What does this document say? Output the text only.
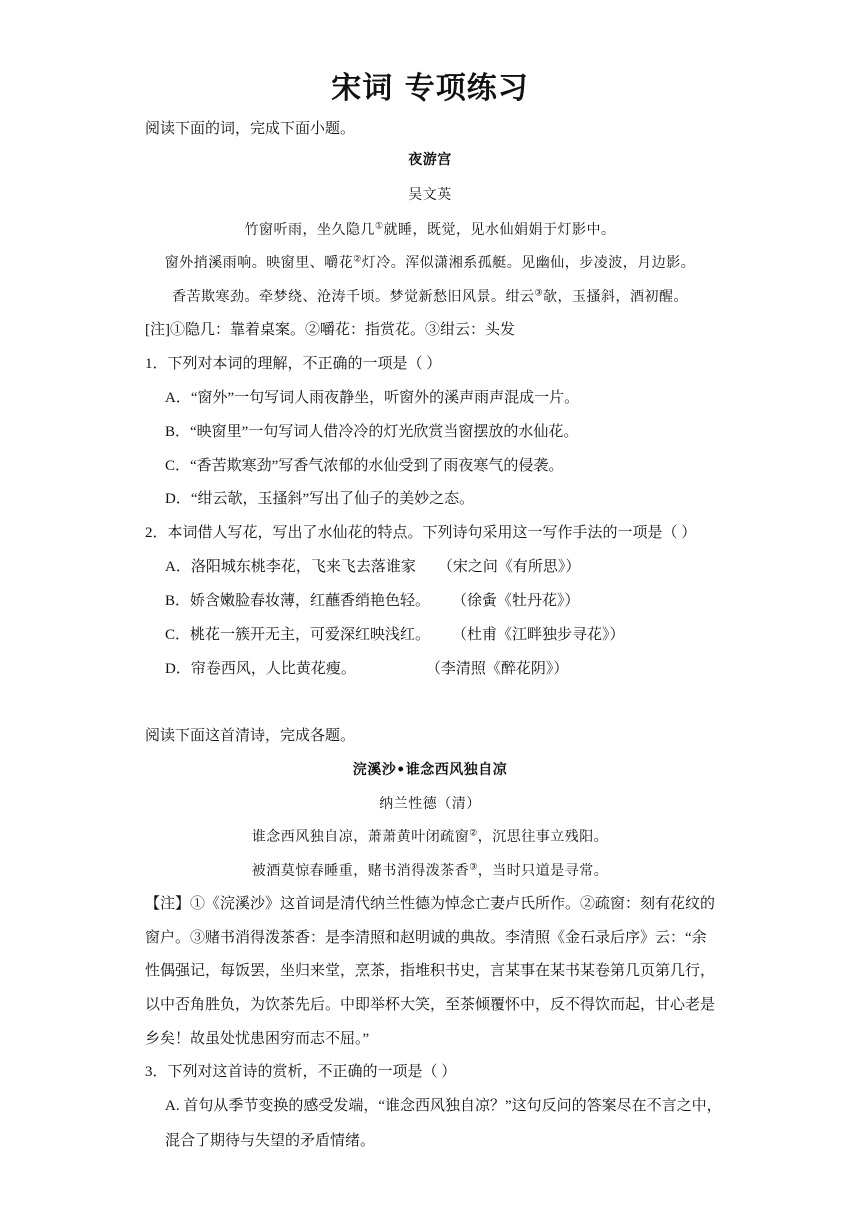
宋词 专项练习
阅读下面的词，完成下面小题。
夜游宫
吴文英
竹窗听雨，坐久隐几①就睡，既觉，见水仙娟娟于灯影中。
窗外捎溪雨响。映窗里、嚼花②灯冷。浑似潇湘系孤艇。见幽仙，步凌波，月边影。
香苦欺寒劲。牵梦绕、沧涛千顷。梦觉新愁旧风景。绀云③欹，玉搔斜，酒初醒。
[注]①隐几：靠着桌案。②嚼花：指赏花。③绀云：头发
1．下列对本词的理解，不正确的一项是（ ）
A．“窗外”一句写词人雨夜静坐，听窗外的溪声雨声混成一片。
B．“映窗里”一句写词人借冷冷的灯光欣赏当窗摆放的水仙花。
C．“香苦欺寒劲”写香气浓郁的水仙受到了雨夜寒气的侵袭。
D．“绀云欹，玉搔斜”写出了仙子的美妙之态。
2．本词借人写花，写出了水仙花的特点。下列诗句采用这一写作手法的一项是（ ）
A．洛阳城东桃李花，飞来飞去落谁家 （宋之问《有所思》）
B．娇含嫩脸春妆薄，红蘸香绡艳色轻。 （徐夤《牡丹花》）
C．桃花一簇开无主，可爱深红映浅红。 （杜甫《江畔独步寻花》）
D．帘卷西风，人比黄花瘦。	（李清照《醉花阴》）
阅读下面这首清诗，完成各题。
浣溪沙•谁念西风独自凉
纳兰性德（清）
谁念西风独自凉，萧萧黄叶闭疏窗②，沉思往事立残阳。
被酒莫惊春睡重，赌书消得泼茶香③，当时只道是寻常。
【注】①《浣溪沙》这首词是清代纳兰性德为悼念亡妻卢氏所作。②疏窗：刻有花纹的
窗户。③赌书消得泼茶香：是李清照和赵明诚的典故。李清照《金石录后序》云：“余
性偶强记，每饭罢，坐归来堂，烹茶，指堆积书史，言某事在某书某卷第几页第几行，
以中否角胜负，为饮茶先后。中即举杯大笑，至茶倾覆怀中，反不得饮而起，甘心老是
乡矣！故虽处忧患困穷而志不屈。”
3．下列对这首诗的赏析，不正确的一项是（ ）
A. 首句从季节变换的感受发端，“谁念西风独自凉？”这句反问的答案尽在不言之中，
混合了期待与失望的矛盾情绪。
